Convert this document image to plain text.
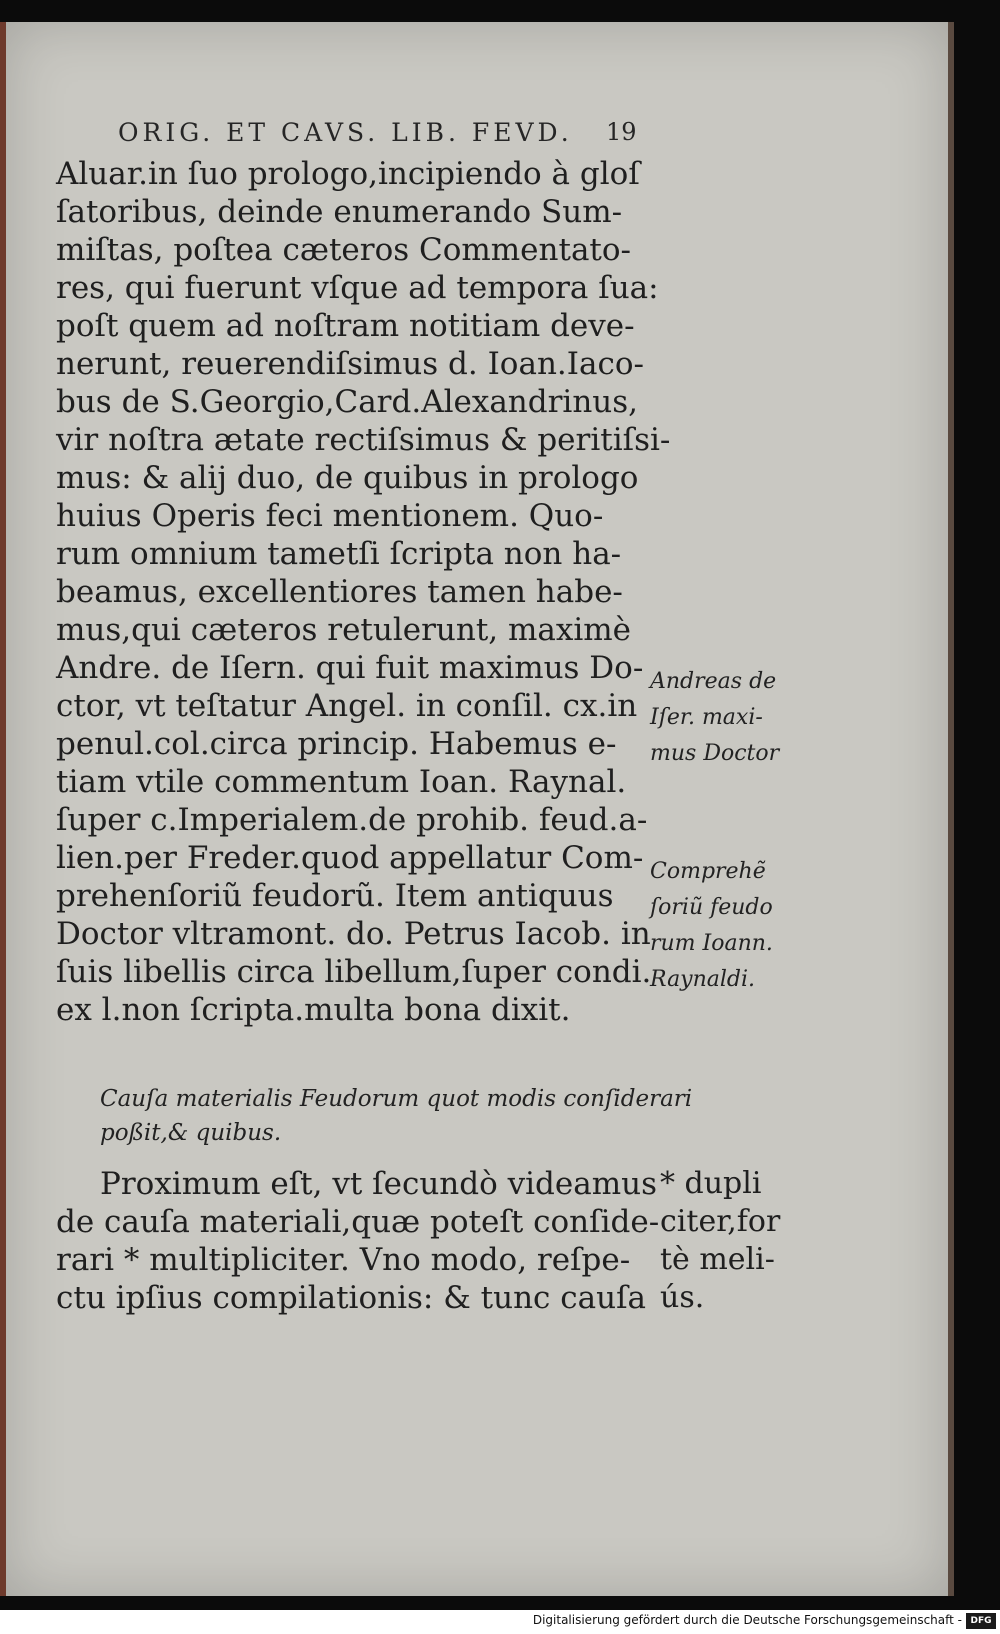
ORIG. ET CAVS. LIB. FEVD.	19
Aluar.in ſuo prologo,incipiendo à gloſ
ſatoribus, deinde enumerando Sum-
miſtas, poſtea cæteros Commentato-
res, qui fuerunt vſque ad tempora ſua:
poſt quem ad noſtram notitiam deve-
nerunt, reuerendiſsimus d. Ioan.Iaco-
bus de S.Georgio,Card.Alexandrinus,
vir noſtra ætate rectiſsimus & peritiſsi-
mus: & alij duo, de quibus in prologo
huius Operis feci mentionem. Quo-
rum omnium tametſi ſcripta non ha-
beamus, excellentiores tamen habe-
mus,qui cæteros retulerunt, maximè
Andre. de Iſern. qui fuit maximus Do-
ctor, vt teſtatur Angel. in conſil. cx.in
penul.col.circa princip. Habemus e-
tiam vtile commentum Ioan. Raynal.
ſuper c.Imperialem.de prohib. feud.a-
lien.per Freder.quod appellatur Com-
prehenſoriũ feudorũ. Item antiquus
Doctor vltramont. do. Petrus Iacob. in
ſuis libellis circa libellum,ſuper condi.
ex l.non ſcripta.multa bona dixit.
Andreas de
Iſer. maxi-
mus Doctor
Comprehẽ
ſoriũ feudo
rum Ioann.
Raynaldi.
Cauſa materialis Feudorum quot modis conſiderari
poßit,& quibus.
Proximum eſt, vt ſecundò videamus
de cauſa materiali,quæ poteſt conſide-
rari * multipliciter. Vno modo, reſpe-
ctu ipſius compilationis: & tunc cauſa
* dupli
citer,for
tè meli-
ús.
Digitalisierung gefördert durch die Deutsche Forschungsgemeinschaft - DFG
